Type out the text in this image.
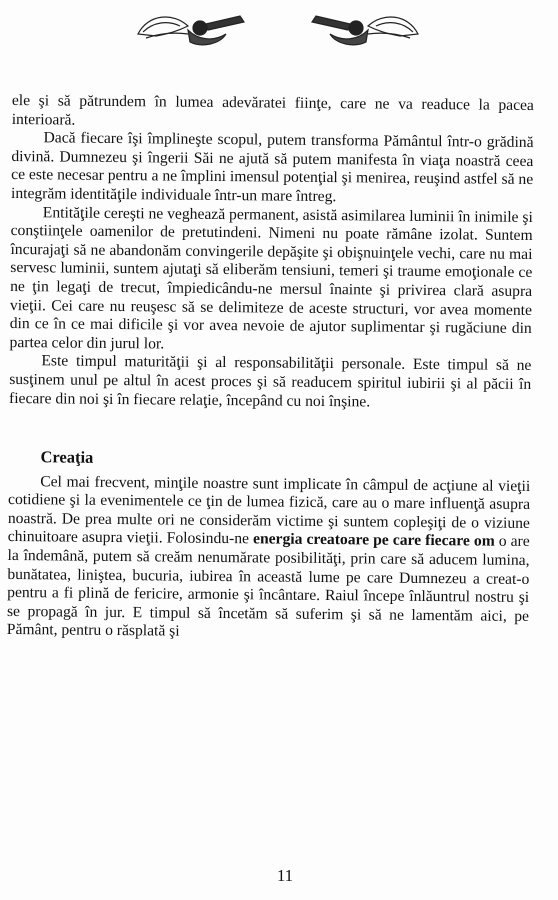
ele şi să pătrundem în lumea adevăratei fiinţe, care ne va readuce la pacea interioară.

Dacă fiecare îşi împlineşte scopul, putem transforma Pământul într-o grădină divină. Dumnezeu şi îngerii Săi ne ajută să putem manifesta în viaţa noastră ceea ce este necesar pentru a ne împlini imensul potenţial şi menirea, reuşind astfel să ne integrăm identităţile individuale într-un mare întreg.

Entităţile cereşti ne veghează permanent, asistă asimilarea luminii în inimile şi conştiinţele oamenilor de pretutindeni. Nimeni nu poate rămâne izolat. Suntem încurajaţi să ne abandonăm convingerile depăşite şi obişnuinţele vechi, care nu mai servesc luminii, suntem ajutaţi să eliberăm tensiuni, temeri şi traume emoţionale ce ne ţin legaţi de trecut, împiedicându-ne mersul înainte şi privirea clară asupra vieţii. Cei care nu reuşesc să se delimiteze de aceste structuri, vor avea momente din ce în ce mai dificile şi vor avea nevoie de ajutor suplimentar şi rugăciune din partea celor din jurul lor.

Este timpul maturităţii şi al responsabilităţii personale. Este timpul să ne susţinem unul pe altul în acest proces şi să readucem spiritul iubirii şi al păcii în fiecare din noi şi în fiecare relaţie, începând cu noi înşine.

Creaţia

Cel mai frecvent, minţile noastre sunt implicate în câmpul de acţiune al vieţii cotidiene şi la evenimentele ce ţin de lumea fizică, care au o mare influenţă asupra noastră. De prea multe ori ne considerăm victime şi suntem copleşiţi de o viziune chinuitoare asupra vieţii. Folosindu-ne energia creatoare pe care fiecare om o are la îndemână, putem să creăm nenumărate posibilităţi, prin care să aducem lumina, bunătatea, liniştea, bucuria, iubirea în această lume pe care Dumnezeu a creat-o pentru a fi plină de fericire, armonie şi încântare. Raiul începe înlăuntrul nostru şi se propagă în jur. E timpul să încetăm să suferim şi să ne lamentăm aici, pe Pământ, pentru o răsplată şi

11
